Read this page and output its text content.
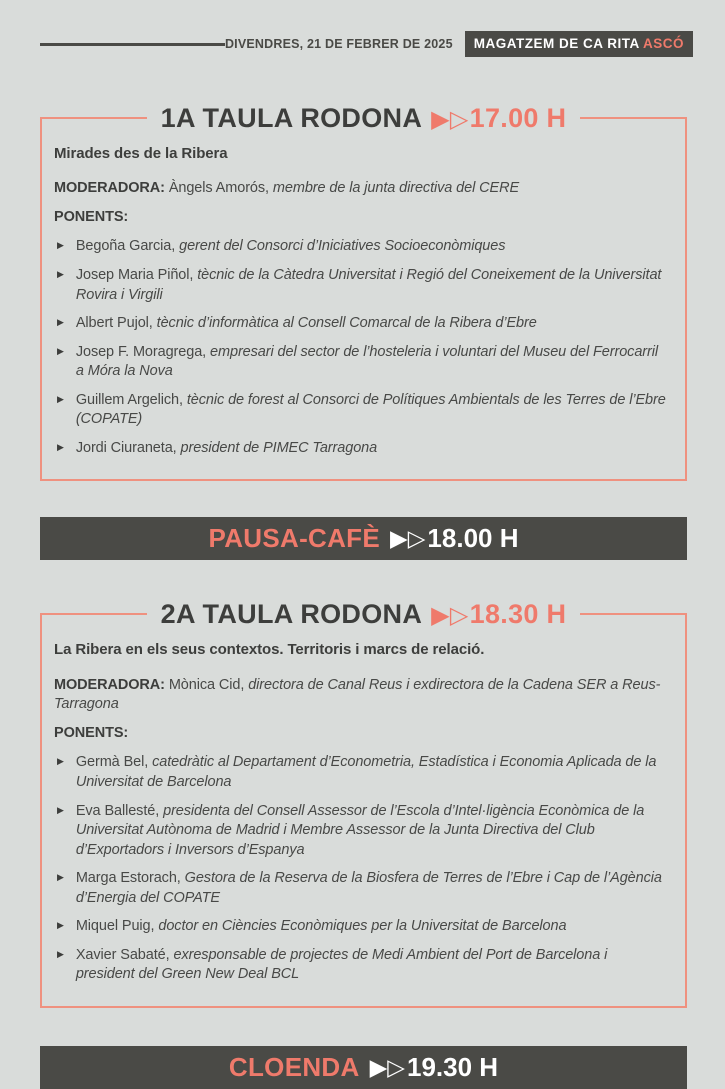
DIVENDRES, 21 DE FEBRER DE 2025	MAGATZEM DE CA RITA ASCÓ
1A TAULA RODONA ▶▷17.00 H

Mirades des de la Ribera

MODERADORA: Àngels Amorós, membre de la junta directiva del CERE

PONENTS:

▶ Begoña Garcia, gerent del Consorci d’Iniciatives Socioeconòmiques
▶ Josep Maria Piñol, tècnic de la Càtedra Universitat i Regió del Coneixement de la Universitat Rovira i Virgili
▶ Albert Pujol, tècnic d’informàtica al Consell Comarcal de la Ribera d’Ebre
▶ Josep F. Moragrega, empresari del sector de l’hosteleria i voluntari del Museu del Ferrocarril a Móra la Nova
▶ Guillem Argelich, tècnic de forest al Consorci de Polítiques Ambientals de les Terres de l’Ebre (COPATE)
▶ Jordi Ciuraneta, president de PIMEC Tarragona
PAUSA-CAFÈ ▶▷ 18.00 H
2A TAULA RODONA ▶▷18.30 H

La Ribera en els seus contextos. Territoris i marcs de relació.

MODERADORA: Mònica Cid, directora de Canal Reus i exdirectora de la Cadena SER a Reus-Tarragona

PONENTS:

▶ Germà Bel, catedràtic al Departament d’Econometria, Estadística i Economia Aplicada de la Universitat de Barcelona
▶ Eva Ballesté, presidenta del Consell Assessor de l’Escola d’Intel·ligència Econòmica de la Universitat Autònoma de Madrid i Membre Assessor de la Junta Directiva del Club d’Exportadors i Inversors d’Espanya
▶ Marga Estorach, Gestora de la Reserva de la Biosfera de Terres de l’Ebre i Cap de l’Agència d’Energia del COPATE
▶ Miquel Puig, doctor en Ciències Econòmiques per la Universitat de Barcelona
▶ Xavier Sabaté, exresponsable de projectes de Medi Ambient del Port de Barcelona i president del Green New Deal BCL
CLOENDA ▶▷ 19.30 H
